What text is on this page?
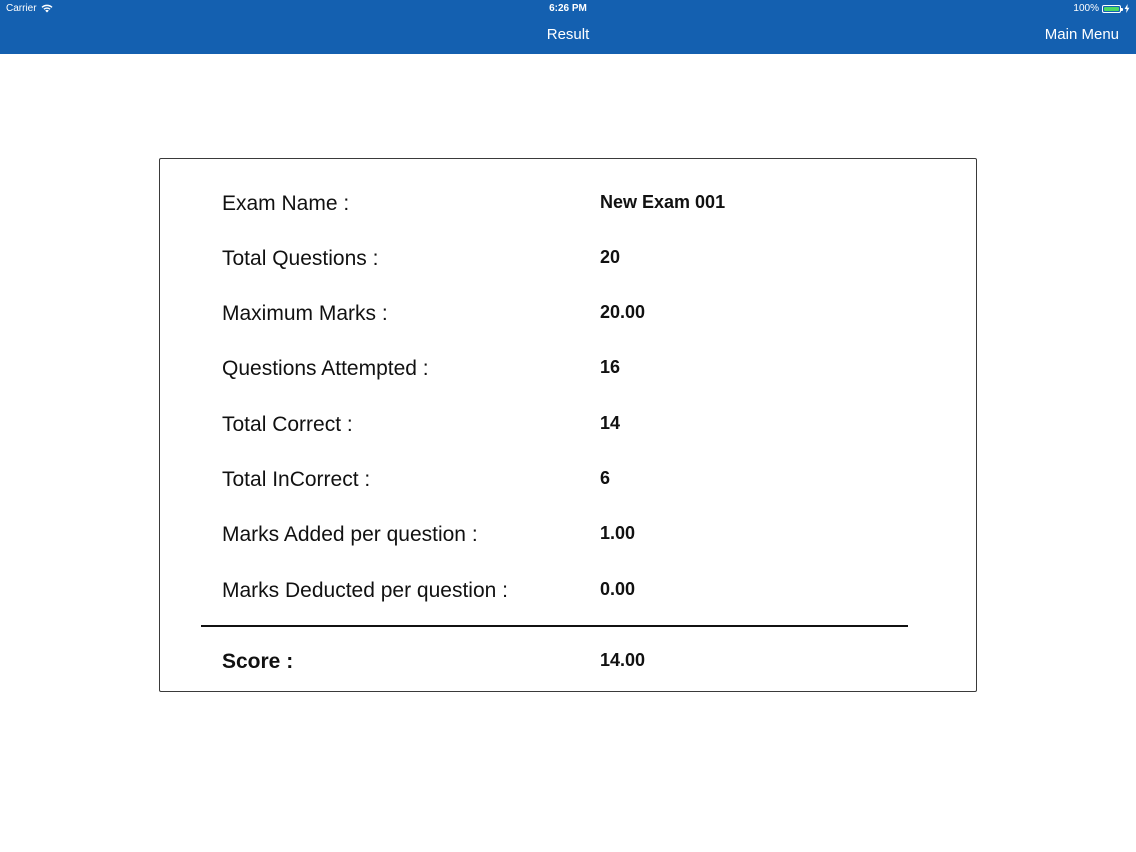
Carrier	6:26 PM	100%
Result	Main Menu
Exam Name :	New Exam 001
Total Questions :	20
Maximum Marks :	20.00
Questions Attempted :	16
Total Correct :	14
Total InCorrect :	6
Marks Added per question :	1.00
Marks Deducted per question :	0.00
Score :	14.00
